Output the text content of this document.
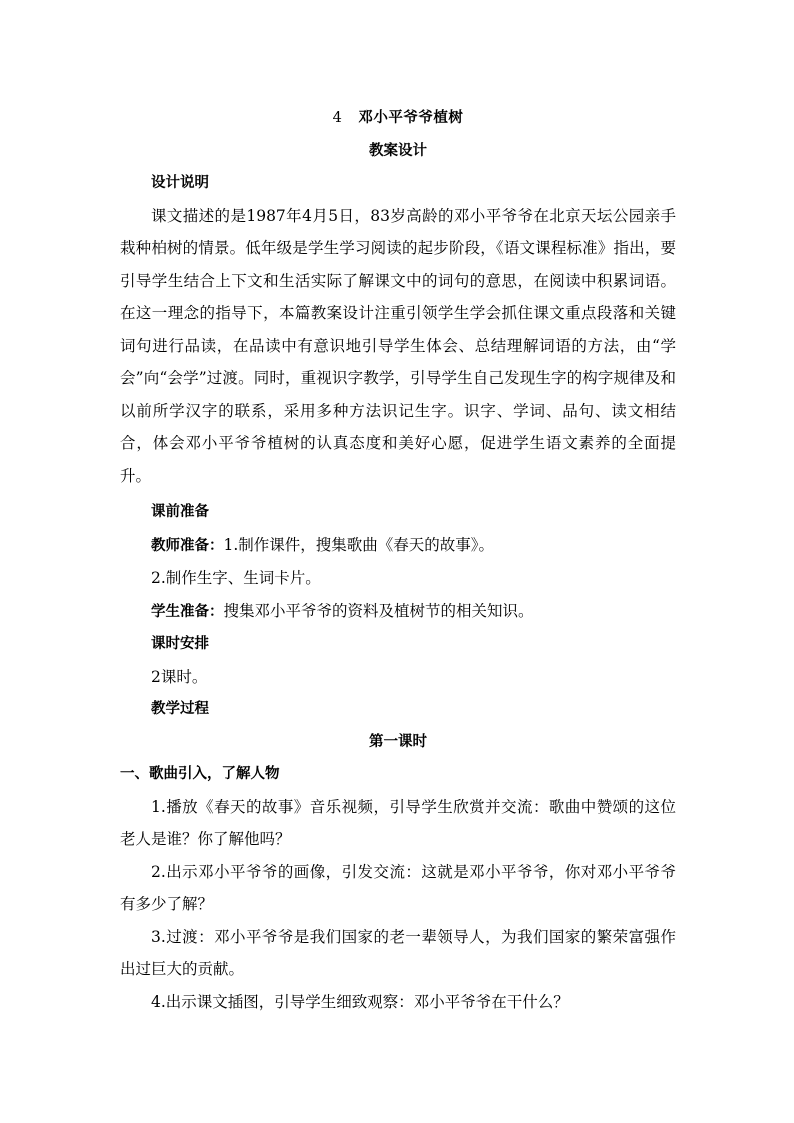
4 邓小平爷爷植树

教案设计

设计说明

课文描述的是1987年4月5日，83岁高龄的邓小平爷爷在北京天坛公园亲手栽种柏树的情景。低年级是学生学习阅读的起步阶段，《语文课程标准》指出，要引导学生结合上下文和生活实际了解课文中的词句的意思，在阅读中积累词语。在这一理念的指导下，本篇教案设计注重引领学生学会抓住课文重点段落和关键词句进行品读，在品读中有意识地引导学生体会、总结理解词语的方法，由“学会”向“会学”过渡。同时，重视识字教学，引导学生自己发现生字的构字规律及和以前所学汉字的联系，采用多种方法识记生字。识字、学词、品句、读文相结合，体会邓小平爷爷植树的认真态度和美好心愿，促进学生语文素养的全面提升。

课前准备

教师准备：1.制作课件，搜集歌曲《春天的故事》。

2.制作生字、生词卡片。

学生准备：搜集邓小平爷爷的资料及植树节的相关知识。

课时安排

2课时。

教学过程

第一课时

一、歌曲引入，了解人物

1.播放《春天的故事》音乐视频，引导学生欣赏并交流：歌曲中赞颂的这位老人是谁？你了解他吗？

2.出示邓小平爷爷的画像，引发交流：这就是邓小平爷爷，你对邓小平爷爷有多少了解？

3.过渡：邓小平爷爷是我们国家的老一辈领导人，为我们国家的繁荣富强作出过巨大的贡献。

4.出示课文插图，引导学生细致观察：邓小平爷爷在干什么？
